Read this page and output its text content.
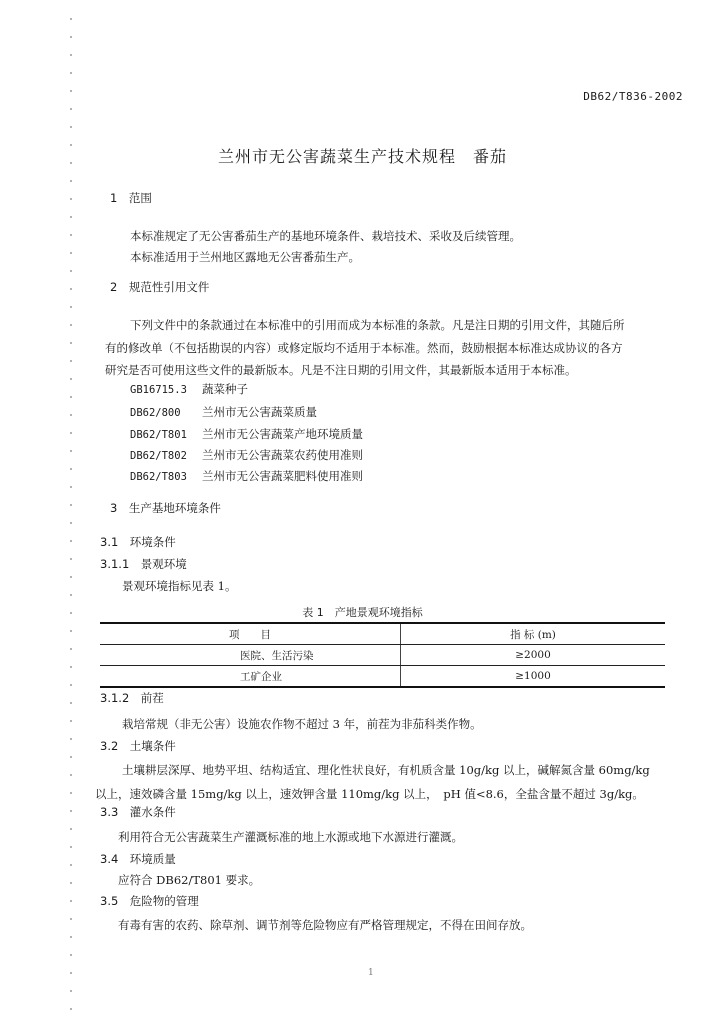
DB62/T836-2002
兰州市无公害蔬菜生产技术规程　番茄
1　范围
本标准规定了无公害番茄生产的基地环境条件、栽培技术、采收及后续管理。
本标准适用于兰州地区露地无公害番茄生产。
2　规范性引用文件
下列文件中的条款通过在本标准中的引用而成为本标准的条款。凡是注日期的引用文件，其随后所
有的修改单（不包括勘误的内容）或修定版均不适用于本标准。然而，鼓励根据本标准达成协议的各方
研究是否可使用这些文件的最新版本。凡是不注日期的引用文件，其最新版本适用于本标准。
GB16715.3 蔬菜种子
DB62/800 兰州市无公害蔬菜质量
DB62/T801 兰州市无公害蔬菜产地环境质量
DB62/T802 兰州市无公害蔬菜农药使用准则
DB62/T803 兰州市无公害蔬菜肥料使用准则
3　生产基地环境条件
3.1　环境条件
3.1.1　景观环境
景观环境指标见表 1。
表 1　产地景观环境指标
项　　目	指 标 (m)

医院、生活污染	≥2000

工矿企业	≥1000
3.1.2　前茬
栽培常规（非无公害）设施农作物不超过 3 年，前茬为非茄科类作物。
3.2　土壤条件
土壤耕层深厚、地势平坦、结构适宜、理化性状良好，有机质含量 10g/kg 以上，碱解氮含量 60mg/kg
以上，速效磷含量 15mg/kg 以上，速效钾含量 110mg/kg 以上，　pH 值<8.6，全盐含量不超过 3g/kg。
3.3　灌水条件
利用符合无公害蔬菜生产灌溉标准的地上水源或地下水源进行灌溉。
3.4　环境质量
应符合 DB62/T801 要求。
3.5　危险物的管理
有毒有害的农药、除草剂、调节剂等危险物应有严格管理规定，不得在田间存放。
1
